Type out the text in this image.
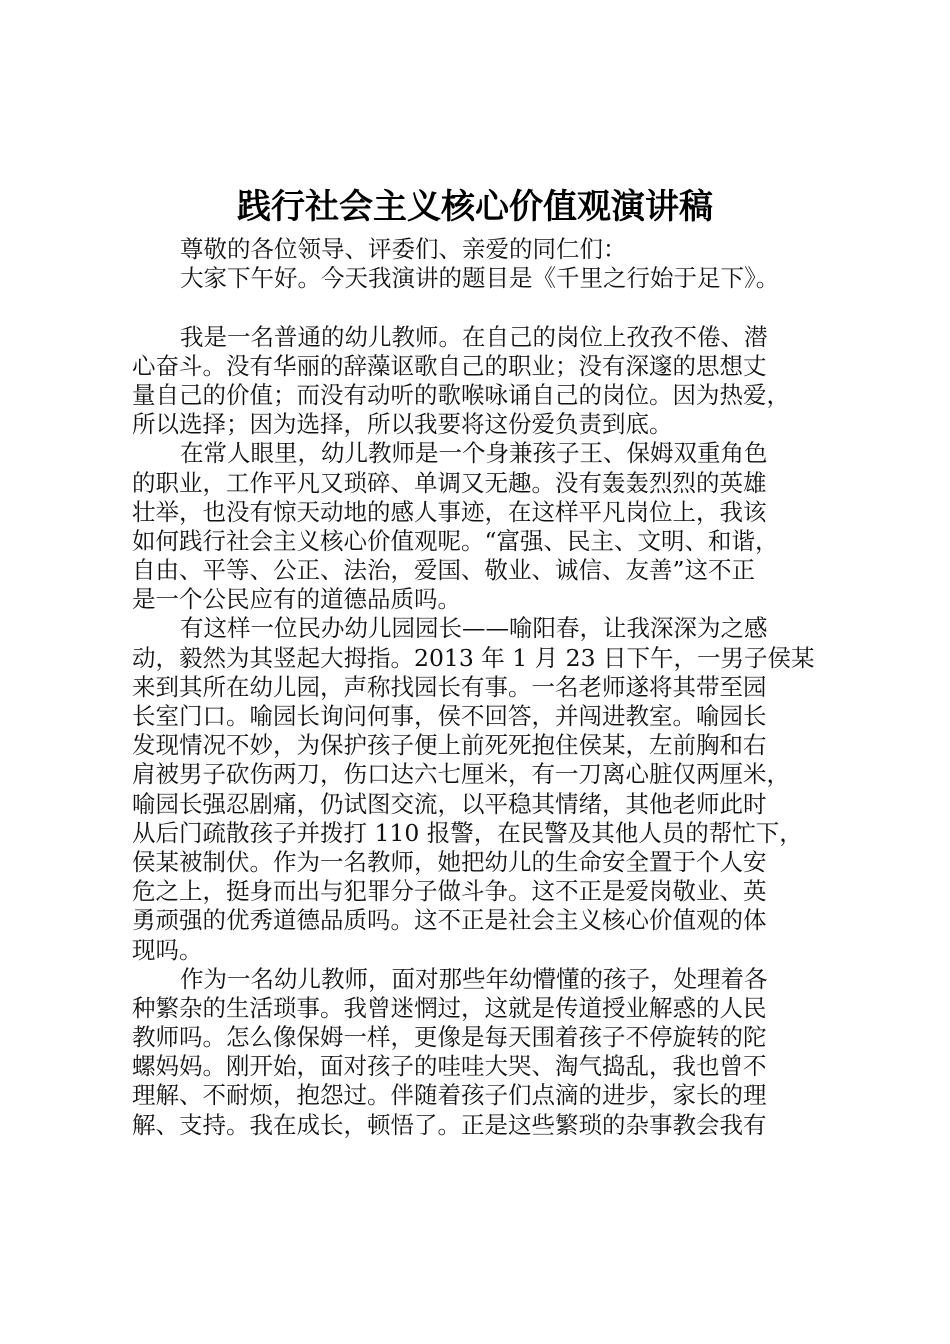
践行社会主义核心价值观演讲稿
尊敬的各位领导、评委们、亲爱的同仁们：
大家下午好。今天我演讲的题目是《千里之行始于足下》。
我是一名普通的幼儿教师。在自己的岗位上孜孜不倦、潜
心奋斗。没有华丽的辞藻讴歌自己的职业；没有深邃的思想丈
量自己的价值；而没有动听的歌喉咏诵自己的岗位。因为热爱，
所以选择；因为选择，所以我要将这份爱负责到底。
在常人眼里，幼儿教师是一个身兼孩子王、保姆双重角色
的职业，工作平凡又琐碎、单调又无趣。没有轰轰烈烈的英雄
壮举，也没有惊天动地的感人事迹，在这样平凡岗位上，我该
如何践行社会主义核心价值观呢。“富强、民主、文明、和谐，
自由、平等、公正、法治，爱国、敬业、诚信、友善”这不正
是一个公民应有的道德品质吗。
有这样一位民办幼儿园园长——喻阳春，让我深深为之感
动，毅然为其竖起大拇指。2013 年 1 月 23 日下午，一男子侯某
来到其所在幼儿园，声称找园长有事。一名老师遂将其带至园
长室门口。喻园长询问何事，侯不回答，并闯进教室。喻园长
发现情况不妙，为保护孩子便上前死死抱住侯某，左前胸和右
肩被男子砍伤两刀，伤口达六七厘米，有一刀离心脏仅两厘米，
喻园长强忍剧痛，仍试图交流，以平稳其情绪，其他老师此时
从后门疏散孩子并拨打 110 报警，在民警及其他人员的帮忙下，
侯某被制伏。作为一名教师，她把幼儿的生命安全置于个人安
危之上，挺身而出与犯罪分子做斗争。这不正是爱岗敬业、英
勇顽强的优秀道德品质吗。这不正是社会主义核心价值观的体
现吗。
作为一名幼儿教师，面对那些年幼懵懂的孩子，处理着各
种繁杂的生活琐事。我曾迷惘过，这就是传道授业解惑的人民
教师吗。怎么像保姆一样，更像是每天围着孩子不停旋转的陀
螺妈妈。刚开始，面对孩子的哇哇大哭、淘气捣乱，我也曾不
理解、不耐烦，抱怨过。伴随着孩子们点滴的进步，家长的理
解、支持。我在成长，顿悟了。正是这些繁琐的杂事教会我有
